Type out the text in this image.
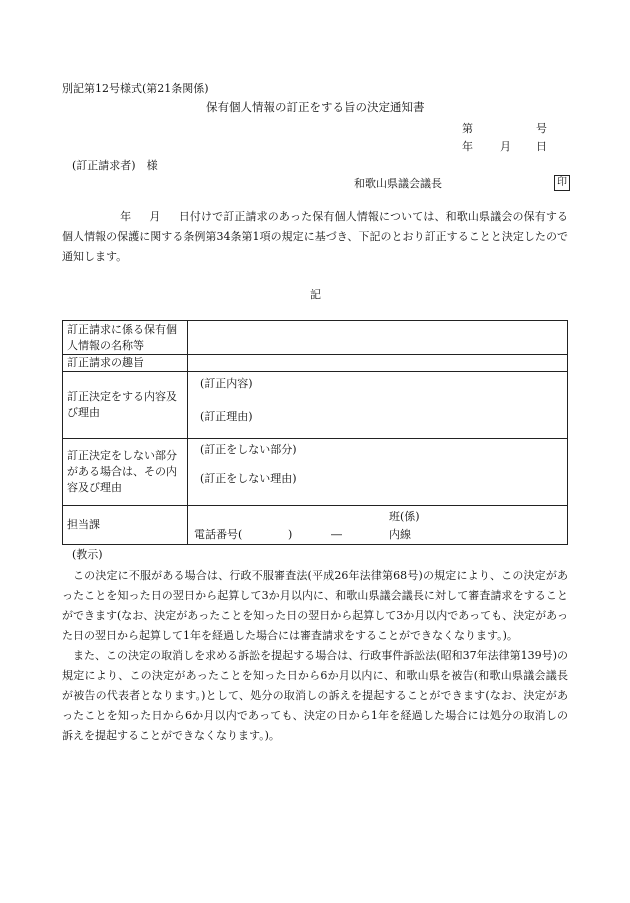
別記第12号様式(第21条関係)
保有個人情報の訂正をする旨の決定通知書
第	号
年 月 日
(訂正請求者)　様
和歌山県議会議長	印
年 月 日付けで訂正請求のあった保有個人情報については、和歌山県議会の保有する個人情報の保護に関する条例第34条第1項の規定に基づき、下記のとおり訂正することと決定したので通知します。
記
訂正請求に係る保有個人情報の名称等	
訂正請求の趣旨	
訂正決定をする内容及び理由	(訂正内容)
(訂正理由)

訂正決定をしない部分がある場合は、その内容及び理由	(訂正をしない部分)
(訂正をしない理由)

担当課	班(係)
電話番号( ) ― 内線
(教示)

この決定に不服がある場合は、行政不服審査法(平成26年法律第68号)の規定により、この決定があったことを知った日の翌日から起算して3か月以内に、和歌山県議会議長に対して審査請求をすることができます(なお、決定があったことを知った日の翌日から起算して3か月以内であっても、決定があった日の翌日から起算して1年を経過した場合には審査請求をすることができなくなります。)。

また、この決定の取消しを求める訴訟を提起する場合は、行政事件訴訟法(昭和37年法律第139号)の規定により、この決定があったことを知った日から6か月以内に、和歌山県を被告(和歌山県議会議長が被告の代表者となります。)として、処分の取消しの訴えを提起することができます(なお、決定があったことを知った日から6か月以内であっても、決定の日から1年を経過した場合には処分の取消しの訴えを提起することができなくなります。)。
